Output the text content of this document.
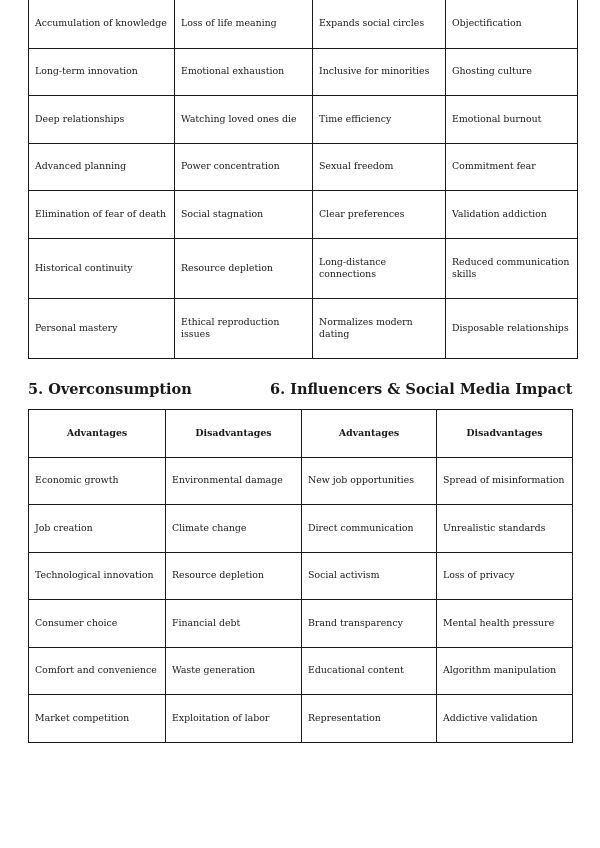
Accumulation of knowledge	Loss of life meaning	Expands social circles	Objectification
Long-term innovation	Emotional exhaustion	Inclusive for minorities	Ghosting culture
Deep relationships	Watching loved ones die	Time efficiency	Emotional burnout
Advanced planning	Power concentration	Sexual freedom	Commitment fear
Elimination of fear of death	Social stagnation	Clear preferences	Validation addiction
Historical continuity	Resource depletion	Long-distance connections	Reduced communication skills
Personal mastery	Ethical reproduction issues	Normalizes modern dating	Disposable relationships
5. Overconsumption	6. Influencers & Social Media Impact
Advantages	Disadvantages	Advantages	Disadvantages
Economic growth	Environmental damage	New job opportunities	Spread of misinformation
Job creation	Climate change	Direct communication	Unrealistic standards
Technological innovation	Resource depletion	Social activism	Loss of privacy
Consumer choice	Financial debt	Brand transparency	Mental health pressure
Comfort and convenience	Waste generation	Educational content	Algorithm manipulation
Market competition	Exploitation of labor	Representation	Addictive validation
